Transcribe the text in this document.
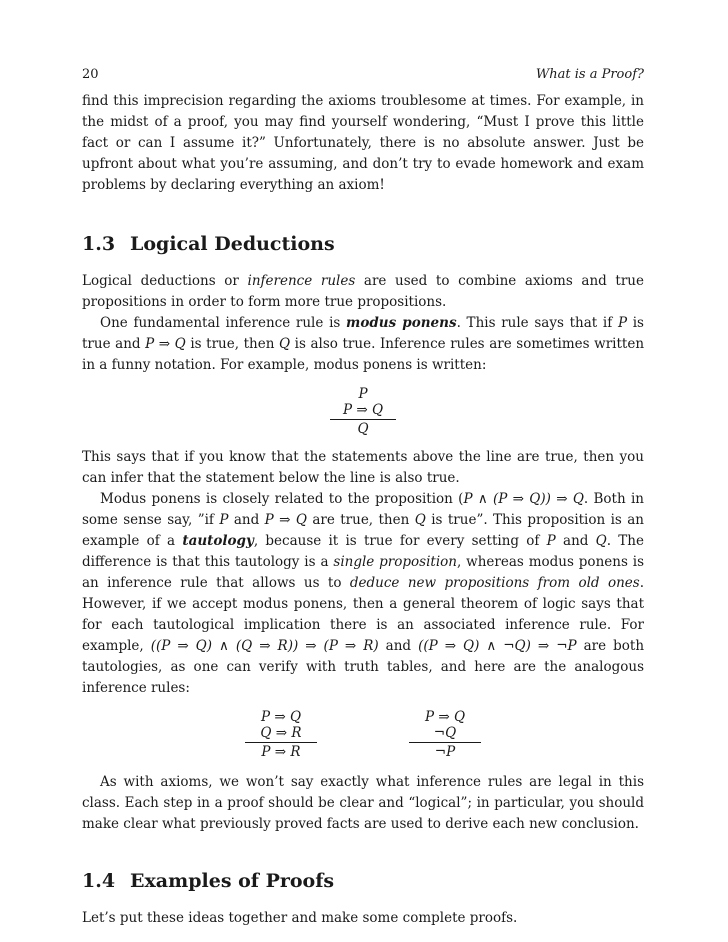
20	What is a Proof?

find this imprecision regarding the axioms troublesome at times. For example, in the midst of a proof, you may find yourself wondering, “Must I prove this little fact or can I assume it?” Unfortunately, there is no absolute answer. Just be upfront about what you’re assuming, and don’t try to evade homework and exam problems by declaring everything an axiom!

1.3 Logical Deductions

Logical deductions or inference rules are used to combine axioms and true propositions in order to form more true propositions.

One fundamental inference rule is modus ponens. This rule says that if P is true and P ⇒ Q is true, then Q is also true. Inference rules are sometimes written in a funny notation. For example, modus ponens is written:

P
P ⇒ Q
Q

This says that if you know that the statements above the line are true, then you can infer that the statement below the line is also true.

Modus ponens is closely related to the proposition (P ∧ (P ⇒ Q)) ⇒ Q. Both in some sense say, ”if P and P ⇒ Q are true, then Q is true”. This proposition is an example of a tautology, because it is true for every setting of P and Q. The difference is that this tautology is a single proposition, whereas modus ponens is an inference rule that allows us to deduce new propositions from old ones. However, if we accept modus ponens, then a general theorem of logic says that for each tautological implication there is an associated inference rule. For example, ((P ⇒ Q) ∧ (Q ⇒ R)) ⇒ (P ⇒ R) and ((P ⇒ Q) ∧ ¬Q) ⇒ ¬P are both tautologies, as one can verify with truth tables, and here are the analogous inference rules:

P ⇒ Q
Q ⇒ R
P ⇒ R
P ⇒ Q
¬Q
¬P

As with axioms, we won’t say exactly what inference rules are legal in this class. Each step in a proof should be clear and “logical”; in particular, you should make clear what previously proved facts are used to derive each new conclusion.

1.4 Examples of Proofs

Let’s put these ideas together and make some complete proofs.
